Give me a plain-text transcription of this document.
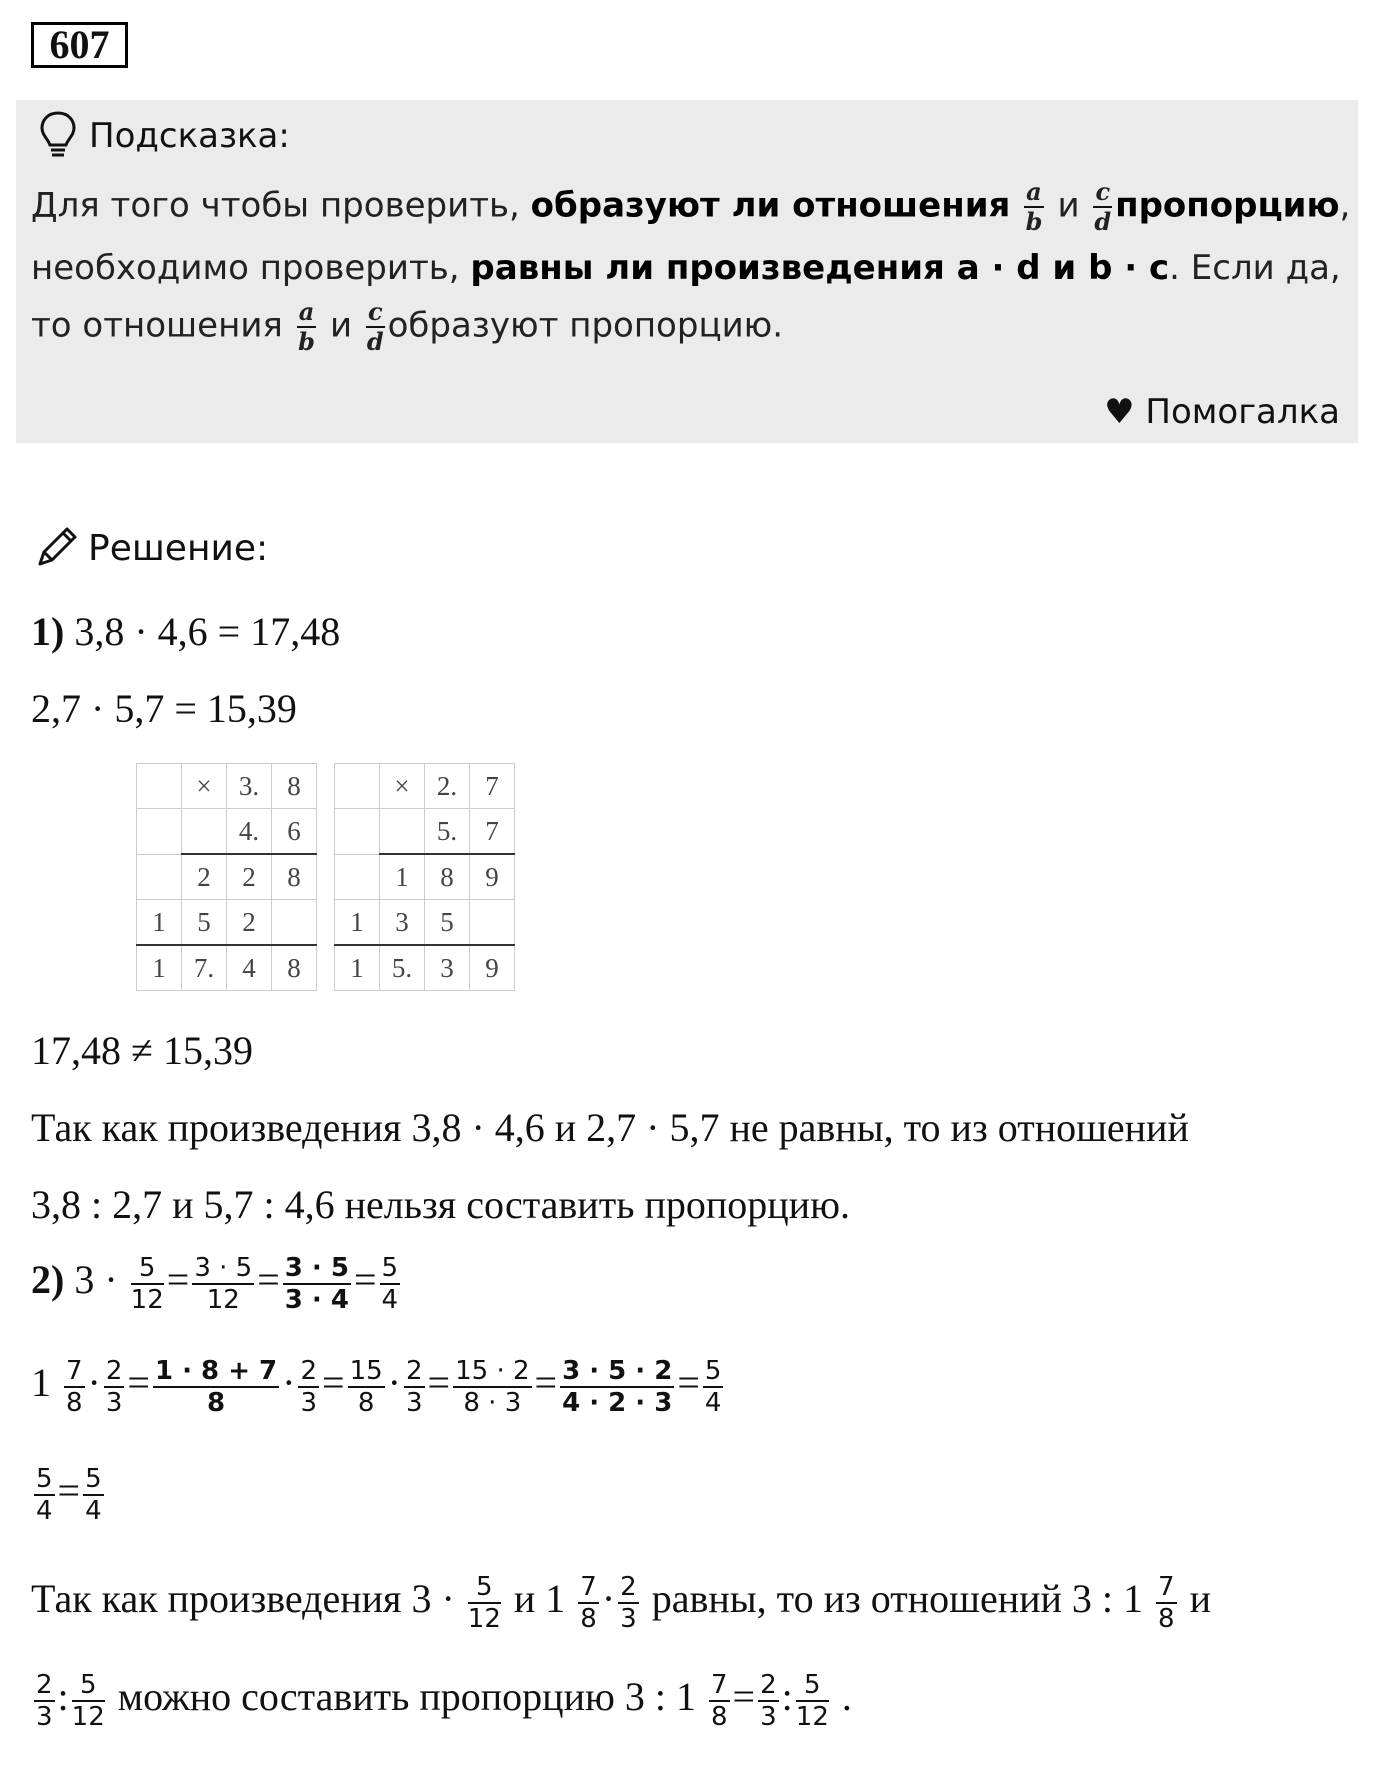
607
Подсказка:
Для того чтобы проверить, образуют ли отношения $\frac{a}{b}$ и $\frac{c}{d}$ пропорцию,
необходимо проверить, равны ли произведения a · d и b · c. Если да,
то отношения $\frac{a}{b}$ и $\frac{c}{d}$ образуют пропорцию.
♥ Помогалка
Решение:
1) 3,8 · 4,6 = 17,48
2,7 · 5,7 = 15,39
	×	3.	8
		4.	6
	2	2	8
1	5	2	
1	7.	4	8
	×	2.	7
		5.	7
	1	8	9
1	3	5	
1	5.	3	9
17,48 ≠ 15,39
Так как произведения 3,8 · 4,6 и 2,7 · 5,7 не равны, то из отношений
3,8 : 2,7 и 5,7 : 4,6 нельзя составить пропорцию.
2) $3 \cdot \frac{5}{12} = \frac{3 \cdot 5}{12} = \frac{3 \cdot 5}{3 \cdot 4} = \frac{5}{4}$
$1 \frac{7}{8} \cdot \frac{2}{3} = \frac{1 \cdot 8 + 7}{8} \cdot \frac{2}{3} = \frac{15}{8} \cdot \frac{2}{3} = \frac{15 \cdot 2}{8 \cdot 3} = \frac{3 \cdot 5 \cdot 2}{4 \cdot 2 \cdot 3} = \frac{5}{4}$
$\frac{5}{4} = \frac{5}{4}$
Так как произведения $3 \cdot \frac{5}{12}$ и $1 \frac{7}{8} \cdot \frac{2}{3}$ равны, то из отношений 3 : $1 \frac{7}{8}$ и
$\frac{2}{3}$ : $\frac{5}{12}$ можно составить пропорцию 3 : $1 \frac{7}{8} = \frac{2}{3}$ : $\frac{5}{12}$ .
